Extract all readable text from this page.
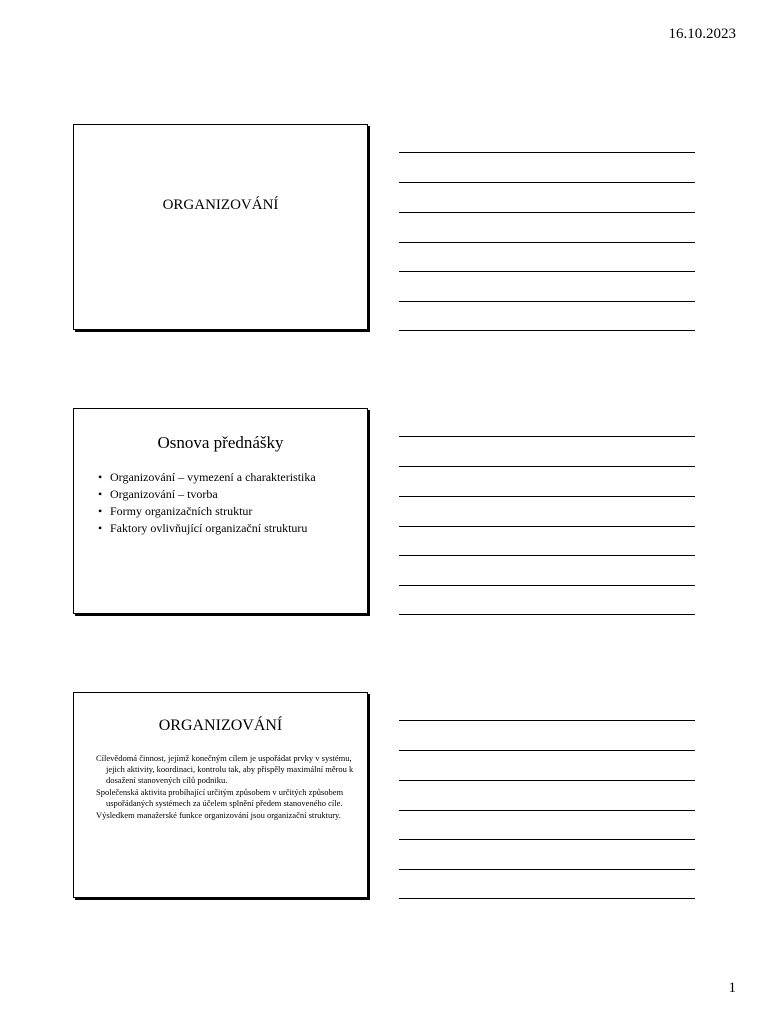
16.10.2023
ORGANIZOVÁNÍ
Osnova přednášky
• Organizování – vymezení a charakteristika
• Organizování – tvorba
• Formy organizačních struktur
• Faktory ovlivňující organizační strukturu
ORGANIZOVÁNÍ

Cílevědomá činnost, jejímž konečným cílem je uspořádat prvky v systému, jejich aktivity, koordinaci, kontrolu tak, aby přispěly maximální měrou k dosažení stanovených cílů podniku.

Společenská aktivita probíhající určitým způsobem v určitých způsobem uspořádaných systémech za účelem splnění předem stanoveného cíle.

Výsledkem manažerské funkce organizování jsou organizační struktury.

1
